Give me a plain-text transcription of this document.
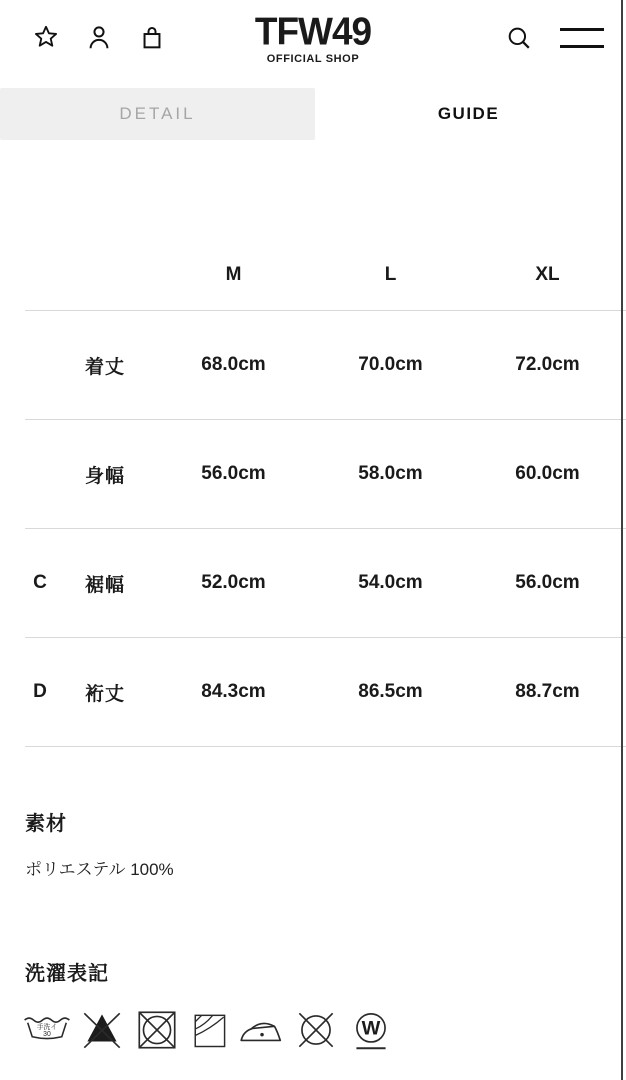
TFW49
OFFICIAL SHOP
DETAIL	GUIDE
M	L	XL
着丈	68.0cm	70.0cm	72.0cm
身幅	56.0cm	58.0cm	60.0cm
C	裾幅	52.0cm	54.0cm	56.0cm
D	裄丈	84.3cm	86.5cm	88.7cm
素材
ポリエステル 100%
洗濯表記
手洗イ
30	W
